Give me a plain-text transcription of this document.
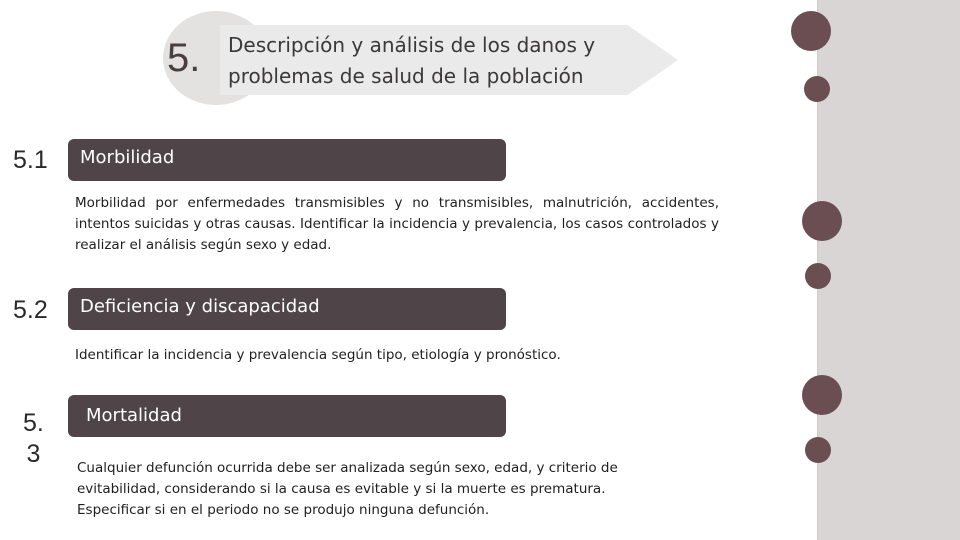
5. Descripción y análisis de los danos y
problemas de salud de la población
5.1	Morbilidad
Morbilidad por enfermedades transmisibles y no transmisibles, malnutrición, accidentes, intentos suicidas y otras causas. Identificar la incidencia y prevalencia, los casos controlados y realizar el análisis según sexo y edad.
5.2	Deficiencia y discapacidad
Identificar la incidencia y prevalencia según tipo, etiología y pronóstico.
5.
3
Mortalidad
Cualquier defunción ocurrida debe ser analizada según sexo, edad, y criterio de evitabilidad, considerando si la causa es evitable y si la muerte es prematura. Especificar si en el periodo no se produjo ninguna defunción.
